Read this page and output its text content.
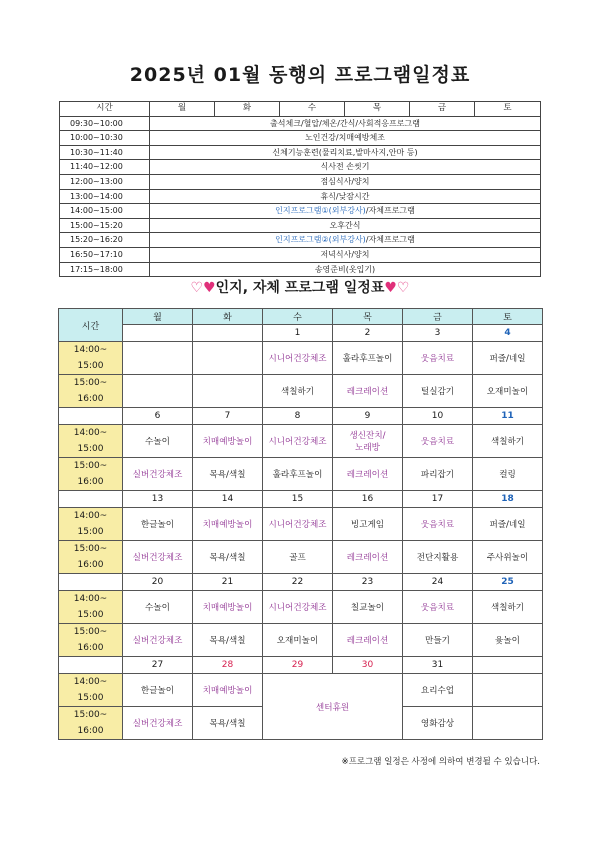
2025년 01월 동행의 프로그램일정표
시간	월	화	수	목	금	토
09:30~10:00	출석체크/혈압/체온/간식/사회적응프로그램					
10:00~10:30	노인건강/치매예방체조					
10:30~11:40	신체기능훈련(물리치료,발마사지,안마 등)					
11:40~12:00	식사전 손씻기					
12:00~13:00	점심식사/양치					
13:00~14:00	휴식/낮잠시간					
14:00~15:00	인지프로그램①(외부강사)/자체프로그램					
15:00~15:20	오후간식					
15:20~16:20	인지프로그램②(외부강사)/자체프로그램					
16:50~17:10	저녁식사/양치					
17:15~18:00	송영준비(옷입기)					
♡♥인지, 자체 프로그램 일정표♥♡
시간	월	화	수	목	금	토
			1	2	3	4
14:00~
15:00			시니어건강체조	훌라후프놀이	웃음치료	퍼즐/네일
15:00~
16:00			색칠하기	레크레이션	털실감기	오재미놀이
	6	7	8	9	10	11
14:00~
15:00	수놀이	치매예방놀이	시니어건강체조	생신잔치/
노래방	웃음치료	색칠하기
15:00~
16:00	실버건강체조	목욕/색칠	훌라후프놀이	레크레이션	파리잡기	컬링
	13	14	15	16	17	18
14:00~
15:00	한글놀이	치매예방놀이	시니어건강체조	빙고게임	웃음치료	퍼즐/네일
15:00~
16:00	실버건강체조	목욕/색칠	골프	레크레이션	전단지활용	주사위놀이
	20	21	22	23	24	25
14:00~
15:00	수놀이	치매예방놀이	시니어건강체조	칠교놀이	웃음치료	색칠하기
15:00~
16:00	실버건강체조	목욕/색칠	오재미놀이	레크레이션	만들기	윷놀이
	27	28	29	30	31	
14:00~
15:00	한글놀이	치매예방놀이	센터휴원		요리수업	
15:00~
16:00	실버건강체조	목욕/색칠			영화감상	
※프로그램 일정은 사정에 의하여 변경될 수 있습니다.
